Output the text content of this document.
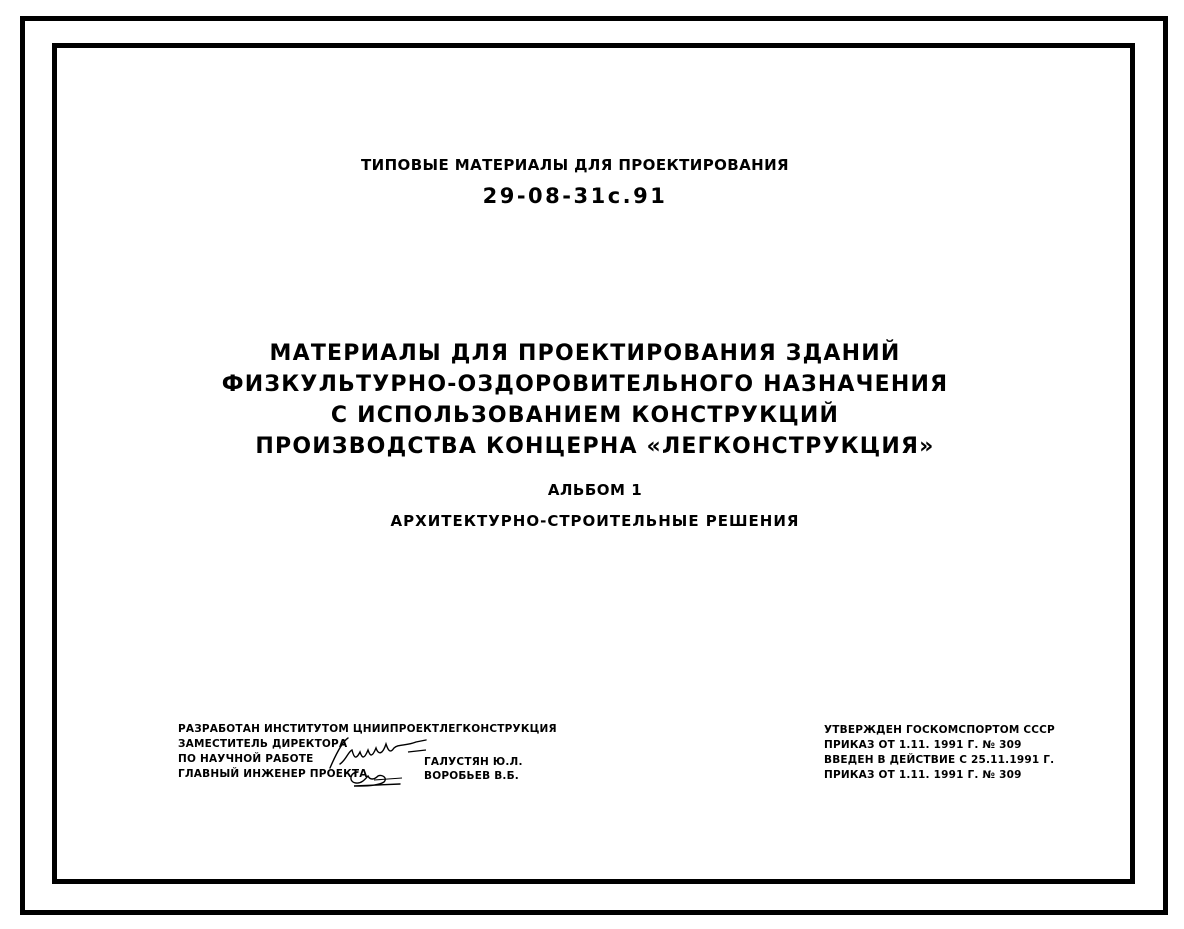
ТИПОВЫЕ МАТЕРИАЛЫ ДЛЯ ПРОЕКТИРОВАНИЯ
29-08-31с.91
МАТЕРИАЛЫ ДЛЯ ПРОЕКТИРОВАНИЯ ЗДАНИЙ
ФИЗКУЛЬТУРНО-ОЗДОРОВИТЕЛЬНОГО НАЗНАЧЕНИЯ
С ИСПОЛЬЗОВАНИЕМ КОНСТРУКЦИЙ
ПРОИЗВОДСТВА КОНЦЕРНА «ЛЕГКОНСТРУКЦИЯ»
АЛЬБОМ 1
АРХИТЕКТУРНО-СТРОИТЕЛЬНЫЕ РЕШЕНИЯ
РАЗРАБОТАН ИНСТИТУТОМ ЦНИИПРОЕКТЛЕГКОНСТРУКЦИЯ
ЗАМЕСТИТЕЛЬ ДИРЕКТОРА
ПО НАУЧНОЙ РАБОТЕ
ГЛАВНЫЙ ИНЖЕНЕР ПРОЕКТА
ГАЛУСТЯН Ю.Л.
ВОРОБЬЕВ В.Б.
УТВЕРЖДЕН ГОСКОМСПОРТОМ СССР
ПРИКАЗ ОТ 1.11. 1991 Г. № 309
ВВЕДЕН В ДЕЙСТВИЕ С 25.11.1991 Г.
ПРИКАЗ ОТ 1.11. 1991 Г. № 309
